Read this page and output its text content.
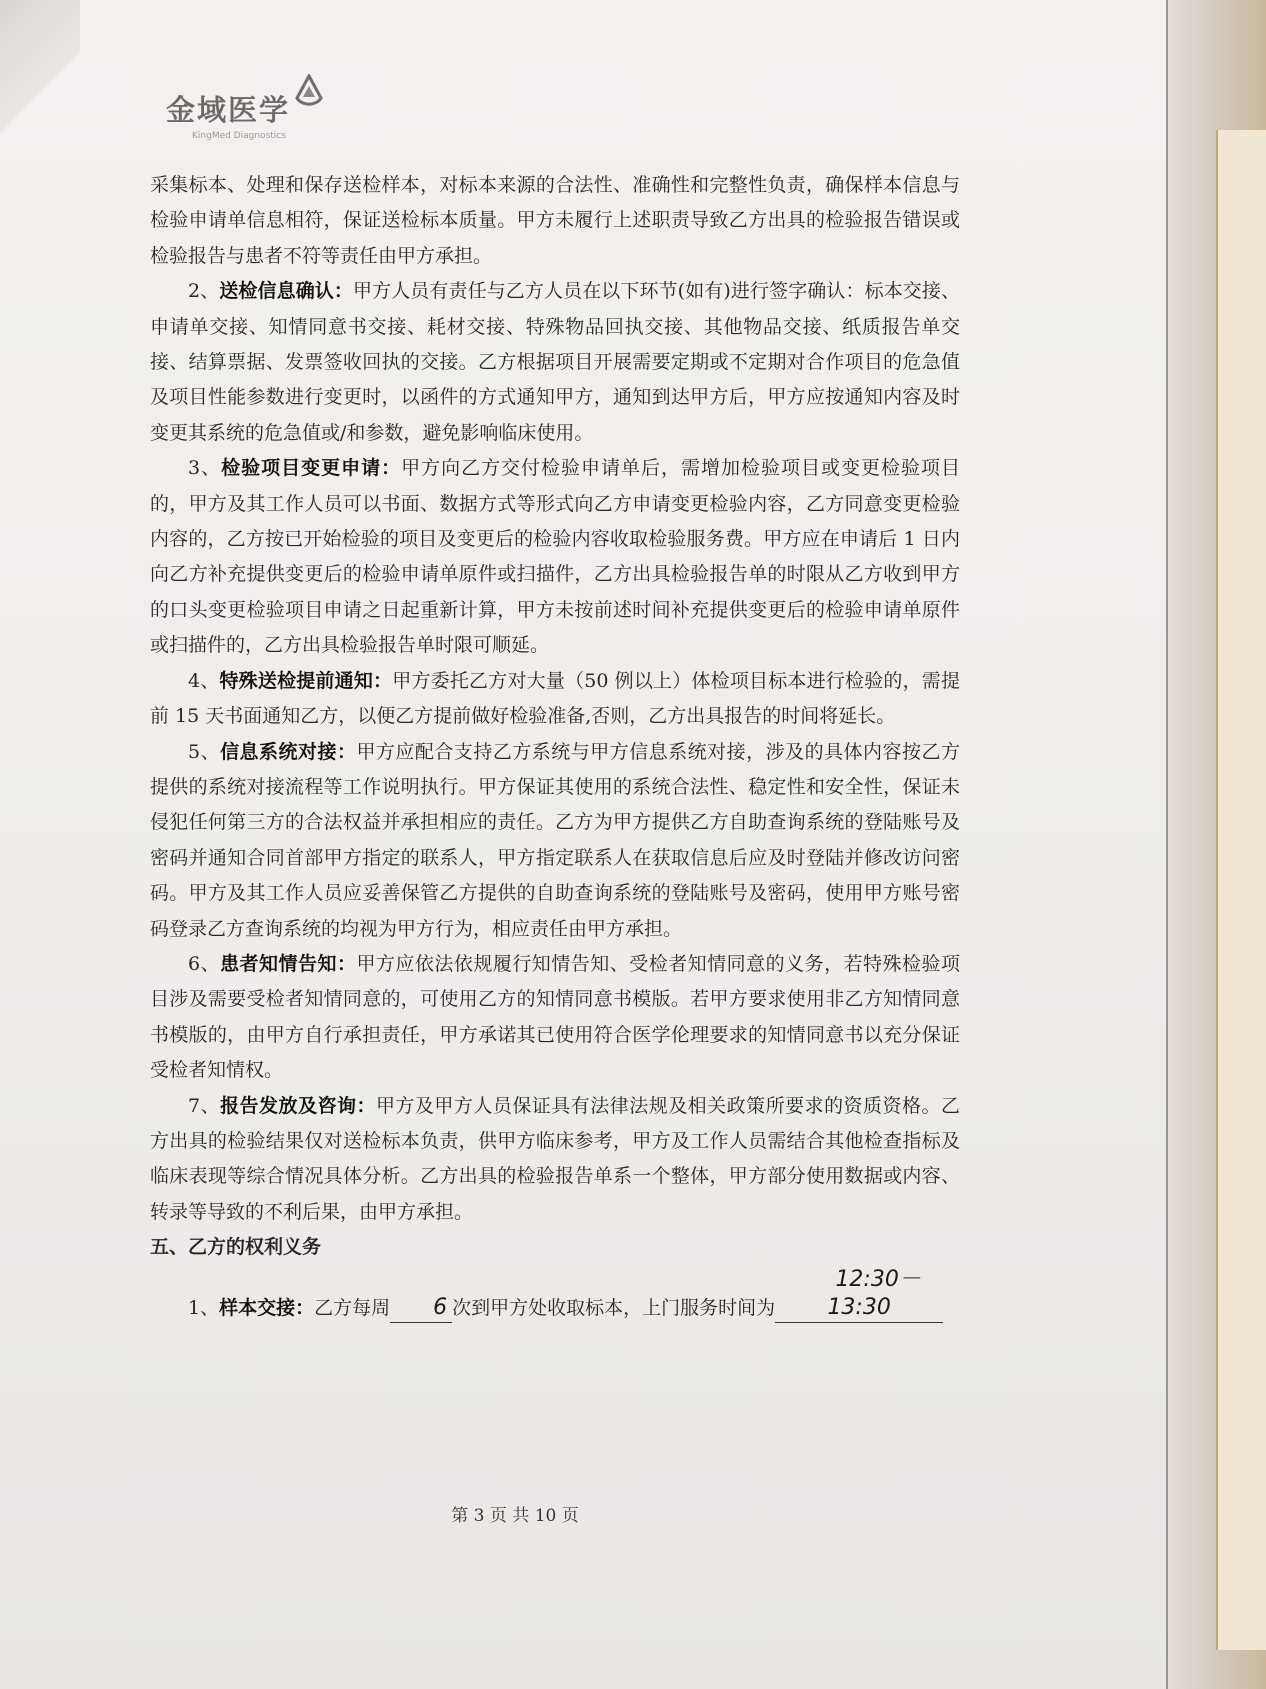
金域医学
KingMed Diagnostics

采集标本、处理和保存送检样本，对标本来源的合法性、准确性和完整性负责，确保样本信息与检验申请单信息相符，保证送检标本质量。甲方未履行上述职责导致乙方出具的检验报告错误或检验报告与患者不符等责任由甲方承担。

2、送检信息确认：甲方人员有责任与乙方人员在以下环节(如有)进行签字确认：标本交接、申请单交接、知情同意书交接、耗材交接、特殊物品回执交接、其他物品交接、纸质报告单交接、结算票据、发票签收回执的交接。乙方根据项目开展需要定期或不定期对合作项目的危急值及项目性能参数进行变更时，以函件的方式通知甲方，通知到达甲方后，甲方应按通知内容及时变更其系统的危急值或/和参数，避免影响临床使用。

3、检验项目变更申请：甲方向乙方交付检验申请单后，需增加检验项目或变更检验项目的，甲方及其工作人员可以书面、数据方式等形式向乙方申请变更检验内容，乙方同意变更检验内容的，乙方按已开始检验的项目及变更后的检验内容收取检验服务费。甲方应在申请后 1 日内向乙方补充提供变更后的检验申请单原件或扫描件，乙方出具检验报告单的时限从乙方收到甲方的口头变更检验项目申请之日起重新计算，甲方未按前述时间补充提供变更后的检验申请单原件或扫描件的，乙方出具检验报告单时限可顺延。

4、特殊送检提前通知：甲方委托乙方对大量（50 例以上）体检项目标本进行检验的，需提前 15 天书面通知乙方，以便乙方提前做好检验准备,否则，乙方出具报告的时间将延长。

5、信息系统对接：甲方应配合支持乙方系统与甲方信息系统对接，涉及的具体内容按乙方提供的系统对接流程等工作说明执行。甲方保证其使用的系统合法性、稳定性和安全性，保证未侵犯任何第三方的合法权益并承担相应的责任。乙方为甲方提供乙方自助查询系统的登陆账号及密码并通知合同首部甲方指定的联系人，甲方指定联系人在获取信息后应及时登陆并修改访问密码。甲方及其工作人员应妥善保管乙方提供的自助查询系统的登陆账号及密码，使用甲方账号密码登录乙方查询系统的均视为甲方行为，相应责任由甲方承担。

6、患者知情告知：甲方应依法依规履行知情告知、受检者知情同意的义务，若特殊检验项目涉及需要受检者知情同意的，可使用乙方的知情同意书模版。若甲方要求使用非乙方知情同意书模版的，由甲方自行承担责任，甲方承诺其已使用符合医学伦理要求的知情同意书以充分保证受检者知情权。

7、报告发放及咨询：甲方及甲方人员保证具有法律法规及相关政策所要求的资质资格。乙方出具的检验结果仅对送检标本负责，供甲方临床参考，甲方及工作人员需结合其他检查指标及临床表现等综合情况具体分析。乙方出具的检验报告单系一个整体，甲方部分使用数据或内容、转录等导致的不利后果，由甲方承担。

五、乙方的权利义务

1、样本交接：乙方每周 6 次到甲方处收取标本，上门服务时间为12:30－13:30

第 3 页 共 10 页
